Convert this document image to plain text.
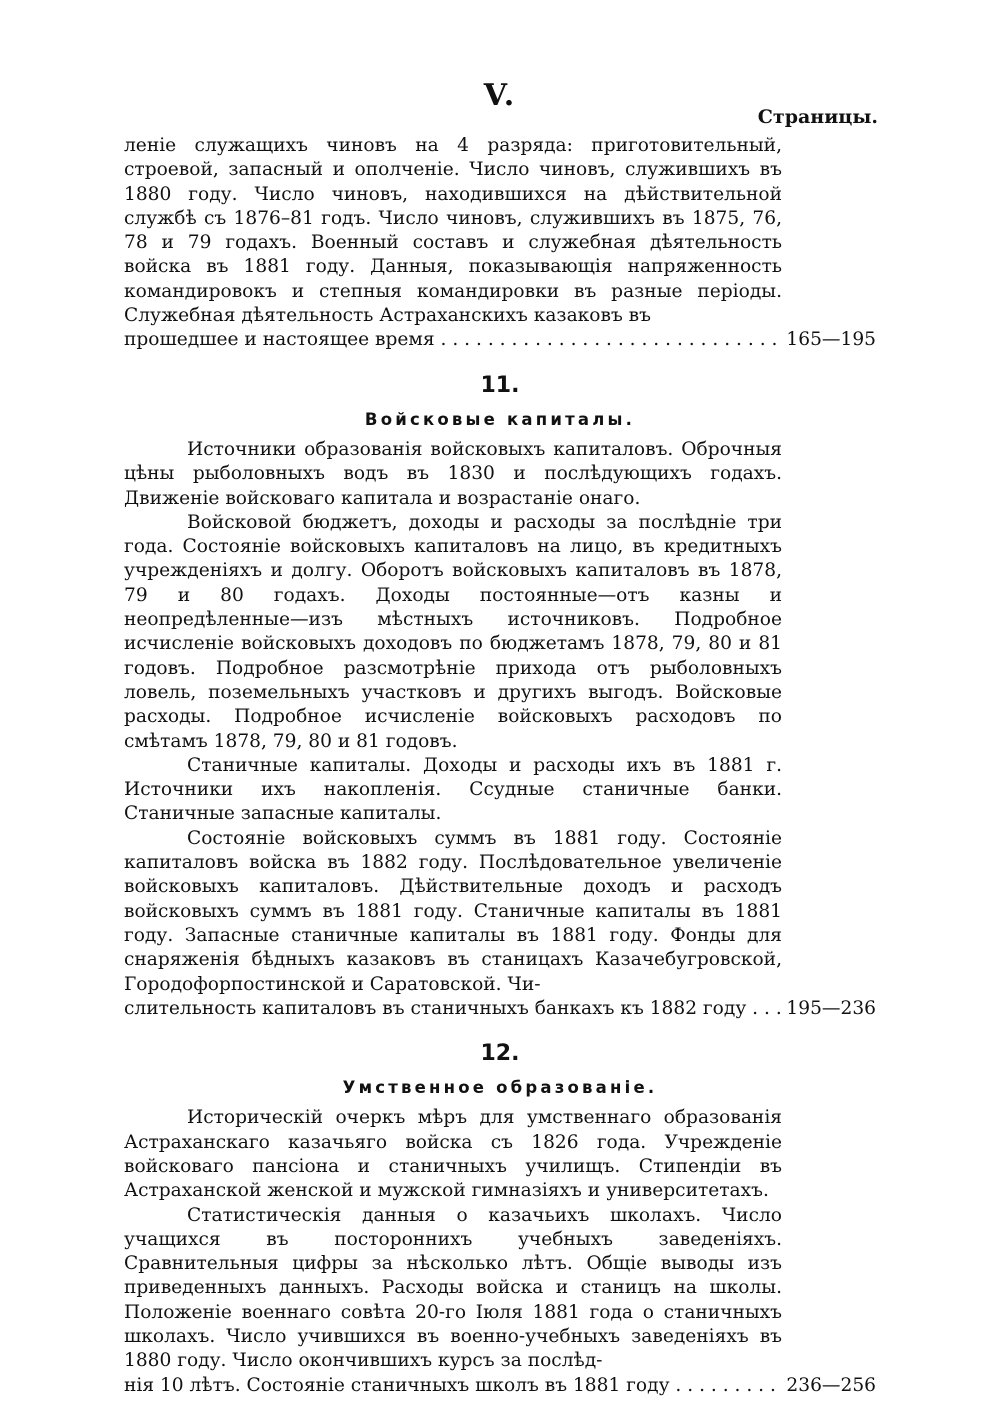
V.
Страницы.

леніе служащихъ чиновъ на 4 разряда: приготовительный, строевой, запасный и ополченіе. Число чиновъ, служившихъ въ 1880 году. Число чиновъ, находившихся на дѣйствительной службѣ съ 1876–81 годъ. Число чиновъ, служившихъ въ 1875, 76, 78 и 79 годахъ. Военный составъ и служебная дѣятельность войска въ 1881 году. Данныя, показывающія напряженность командировокъ и степныя командировки въ разные періоды. Служебная дѣятельность Астраханскихъ казаковъ въ

прошедшее и настоящее время . . .	165—195
11.
Войсковые капиталы.

Источники образованія войсковыхъ капиталовъ. Оброчныя цѣны рыболовныхъ водъ въ 1830 и послѣдующихъ годахъ. Движеніе войсковаго капитала и возрастаніе онаго.

Войсковой бюджетъ, доходы и расходы за послѣдніе три года. Состояніе войсковыхъ капиталовъ на лицо, въ кредитныхъ учрежденіяхъ и долгу. Оборотъ войсковыхъ капиталовъ въ 1878, 79 и 80 годахъ. Доходы постоянные—отъ казны и неопредѣленные—изъ мѣстныхъ источниковъ. Подробное исчисленіе войсковыхъ доходовъ по бюджетамъ 1878, 79, 80 и 81 годовъ. Подробное разсмотрѣніе прихода отъ рыболовныхъ ловель, поземельныхъ участковъ и другихъ выгодъ. Войсковые расходы. Подробное исчисленіе войсковыхъ расходовъ по смѣтамъ 1878, 79, 80 и 81 годовъ.

Станичные капиталы. Доходы и расходы ихъ въ 1881 г. Источники ихъ накопленія. Ссудные станичные банки. Станичные запасные капиталы.

Состояніе войсковыхъ суммъ въ 1881 году. Состояніе капиталовъ войска въ 1882 году. Послѣдовательное увеличеніе войсковыхъ капиталовъ. Дѣйствительные доходъ и расходъ войсковыхъ суммъ въ 1881 году. Станичные капиталы въ 1881 году. Запасные станичные капиталы въ 1881 году. Фонды для снаряженія бѣдныхъ казаковъ въ станицахъ Казачебугровской, Городофорпостинской и Саратовской. Чи-

слительность капиталовъ въ станичныхъ банкахъ къ 1882 году . . . 195—236
12.
Умственное образованіе.

Историческій очеркъ мѣръ для умственнаго образованія Астраханскаго казачьяго войска съ 1826 года. Учрежденіе войсковаго пансіона и станичныхъ училищъ. Стипендіи въ Астраханской женской и мужской гимназіяхъ и университетахъ.

Статистическія данныя о казачьихъ школахъ. Число учащихся въ постороннихъ учебныхъ заведеніяхъ. Сравнительныя цифры за нѣсколько лѣтъ. Общіе выводы изъ приведенныхъ данныхъ. Расходы войска и станицъ на школы. Положеніе военнаго совѣта 20-го Іюля 1881 года о станичныхъ школахъ. Число учившихся въ военно-учебныхъ заведеніяхъ въ 1880 году. Число окончившихъ курсъ за послѣд-

нія 10 лѣтъ. Состояніе станичныхъ школъ въ 1881 году . . .	236—256
